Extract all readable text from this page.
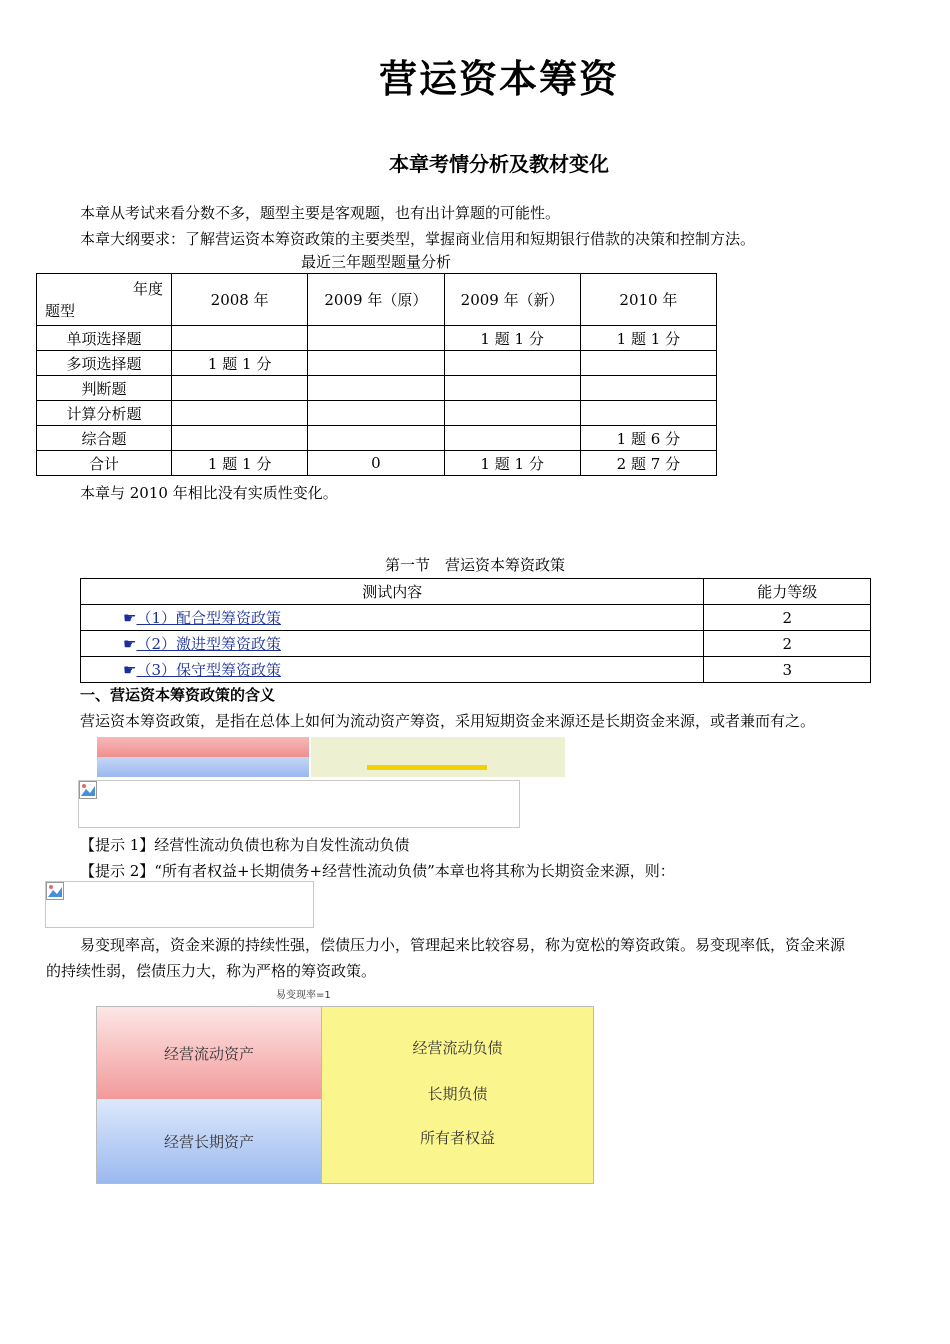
营运资本筹资
本章考情分析及教材变化
本章从考试来看分数不多，题型主要是客观题，也有出计算题的可能性。
本章大纲要求：了解营运资本筹资政策的主要类型，掌握商业信用和短期银行借款的决策和控制方法。
最近三年题型题量分析
年度
题型	2008 年	2009 年（原）	2009 年（新）	2010 年
单项选择题			1 题 1 分	1 题 1 分
多项选择题	1 题 1 分			
判断题				
计算分析题				
综合题				1 题 6 分
合计	1 题 1 分	0	1 题 1 分	2 题 7 分
本章与 2010 年相比没有实质性变化。
第一节　营运资本筹资政策
测试内容	能力等级
☛（1）配合型筹资政策	2
☛（2）激进型筹资政策	2
☛（3）保守型筹资政策	3
一、营运资本筹资政策的含义
营运资本筹资政策，是指在总体上如何为流动资产筹资，采用短期资金来源还是长期资金来源，或者兼而有之。
【提示 1】经营性流动负债也称为自发性流动负债
【提示 2】“所有者权益+长期债务+经营性流动负债”本章也将其称为长期资金来源，则：
易变现率高，资金来源的持续性强，偿债压力小，管理起来比较容易，称为宽松的筹资政策。易变现率低，资金来源
的持续性弱，偿债压力大，称为严格的筹资政策。
易变现率=1
经营流动资产
经营长期资产
经营流动负债
长期负债
所有者权益
